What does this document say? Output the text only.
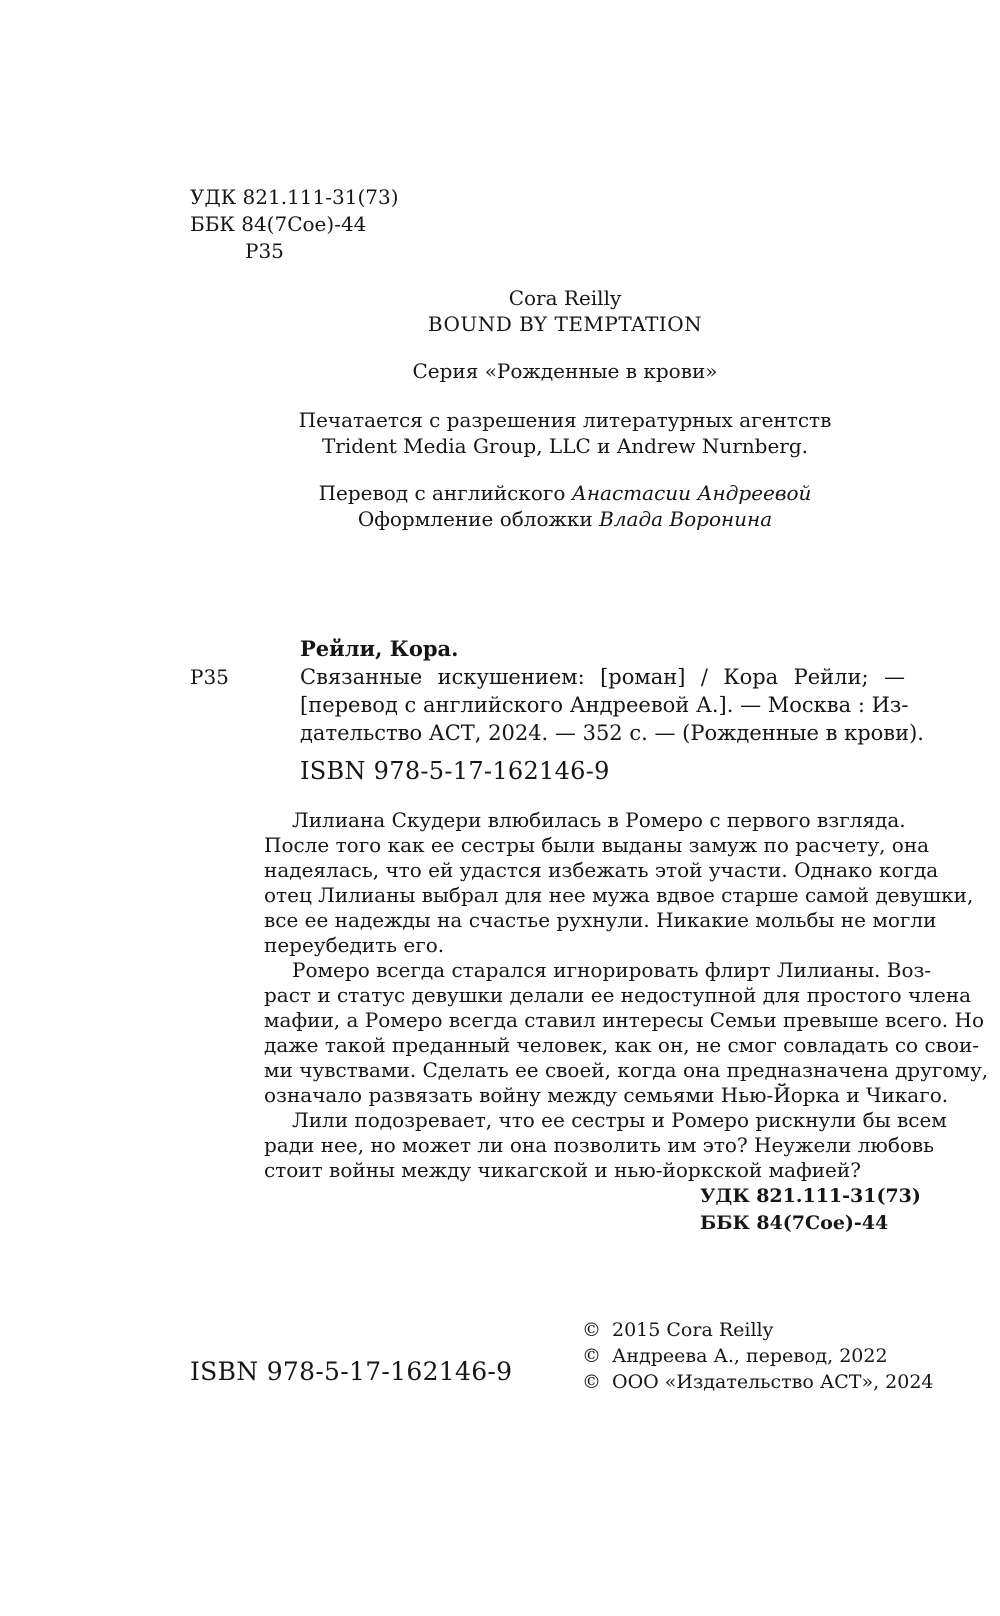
УДК 821.111-31(73)
ББК 84(7Сое)-44
Р35
Cora Reilly
BOUND BY TEMPTATION
Серия «Рожденные в крови»
Печатается с разрешения литературных агентств
Trident Media Group, LLC и Andrew Nurnberg.
Перевод с английского Анастасии Андреевой
Оформление обложки Влада Воронина
Рейли, Кора.
Р35	Связанные искушением: [роман] / Кора Рейли; —
[перевод с английского Андреевой А.]. — Москва : Из-
дательство АСТ, 2024. — 352 с. — (Рожденные в крови).
ISBN 978-5-17-162146-9

Лилиана Скудери влюбилась в Ромеро с первого взгляда.
После того как ее сестры были выданы замуж по расчету, она
надеялась, что ей удастся избежать этой участи. Однако когда
отец Лилианы выбрал для нее мужа вдвое старше самой девушки,
все ее надежды на счастье рухнули. Никакие мольбы не могли
переубедить его.

Ромеро всегда старался игнорировать флирт Лилианы. Воз-
раст и статус девушки делали ее недоступной для простого члена
мафии, а Ромеро всегда ставил интересы Семьи превыше всего. Но
даже такой преданный человек, как он, не смог совладать со свои-
ми чувствами. Сделать ее своей, когда она предназначена другому,
означало развязать войну между семьями Нью-Йорка и Чикаго.

Лили подозревает, что ее сестры и Ромеро рискнули бы всем
ради нее, но может ли она позволить им это? Неужели любовь
стоит войны между чикагской и нью-йоркской мафией?

УДК 821.111-31(73)
ББК 84(7Сое)-44
© 2015 Cora Reilly
© Андреева А., перевод, 2022
© ООО «Издательство АСТ», 2024
ISBN 978-5-17-162146-9
